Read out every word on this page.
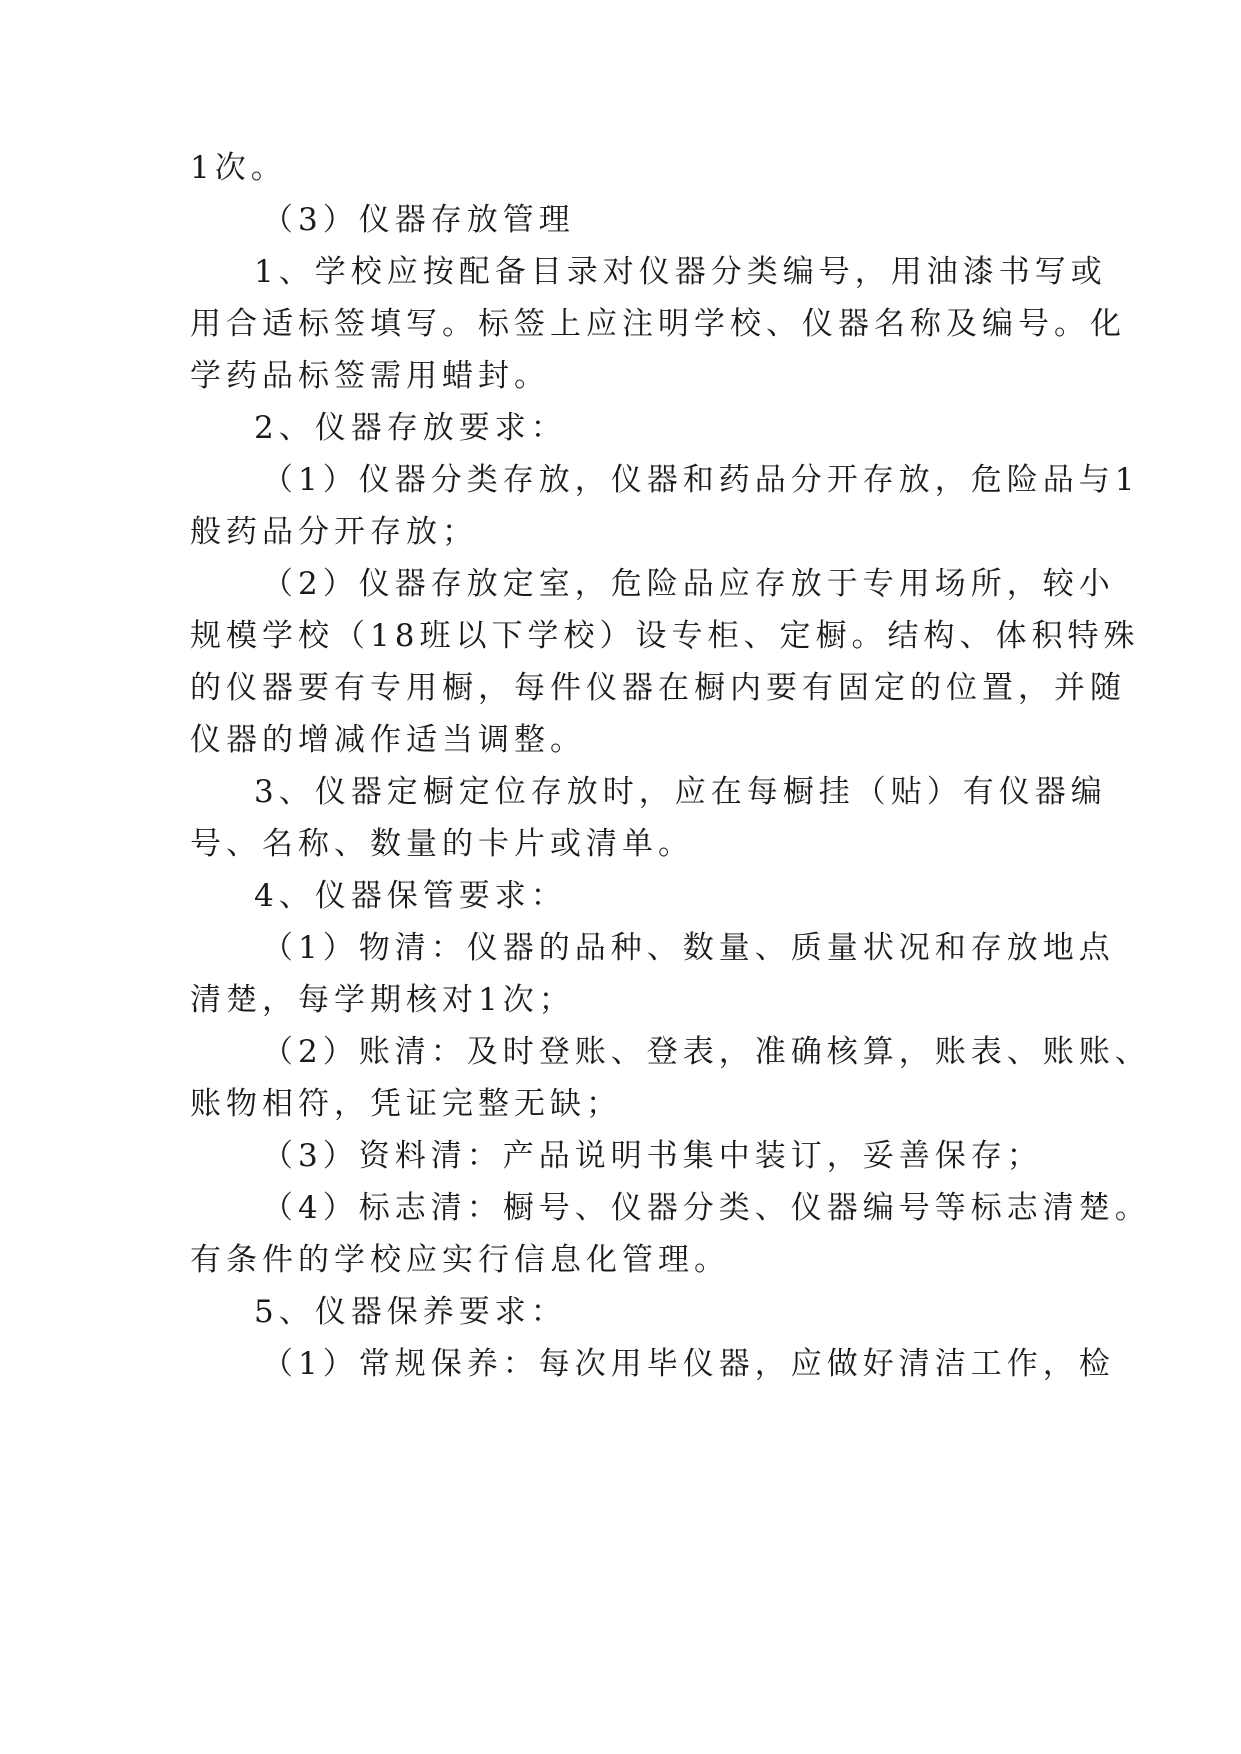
1次。
（3）仪器存放管理
1、学校应按配备目录对仪器分类编号，用油漆书写或
用合适标签填写。标签上应注明学校、仪器名称及编号。化
学药品标签需用蜡封。
2、仪器存放要求：
（1）仪器分类存放，仪器和药品分开存放，危险品与1
般药品分开存放；
（2）仪器存放定室，危险品应存放于专用场所，较小
规模学校（18班以下学校）设专柜、定橱。结构、体积特殊
的仪器要有专用橱，每件仪器在橱内要有固定的位置，并随
仪器的增减作适当调整。
3、仪器定橱定位存放时，应在每橱挂（贴）有仪器编
号、名称、数量的卡片或清单。
4、仪器保管要求：
（1）物清：仪器的品种、数量、质量状况和存放地点
清楚，每学期核对1次；
（2）账清：及时登账、登表，准确核算，账表、账账、
账物相符，凭证完整无缺；
（3）资料清：产品说明书集中装订，妥善保存；
（4）标志清：橱号、仪器分类、仪器编号等标志清楚。
有条件的学校应实行信息化管理。
5、仪器保养要求：
（1）常规保养：每次用毕仪器，应做好清洁工作，检
